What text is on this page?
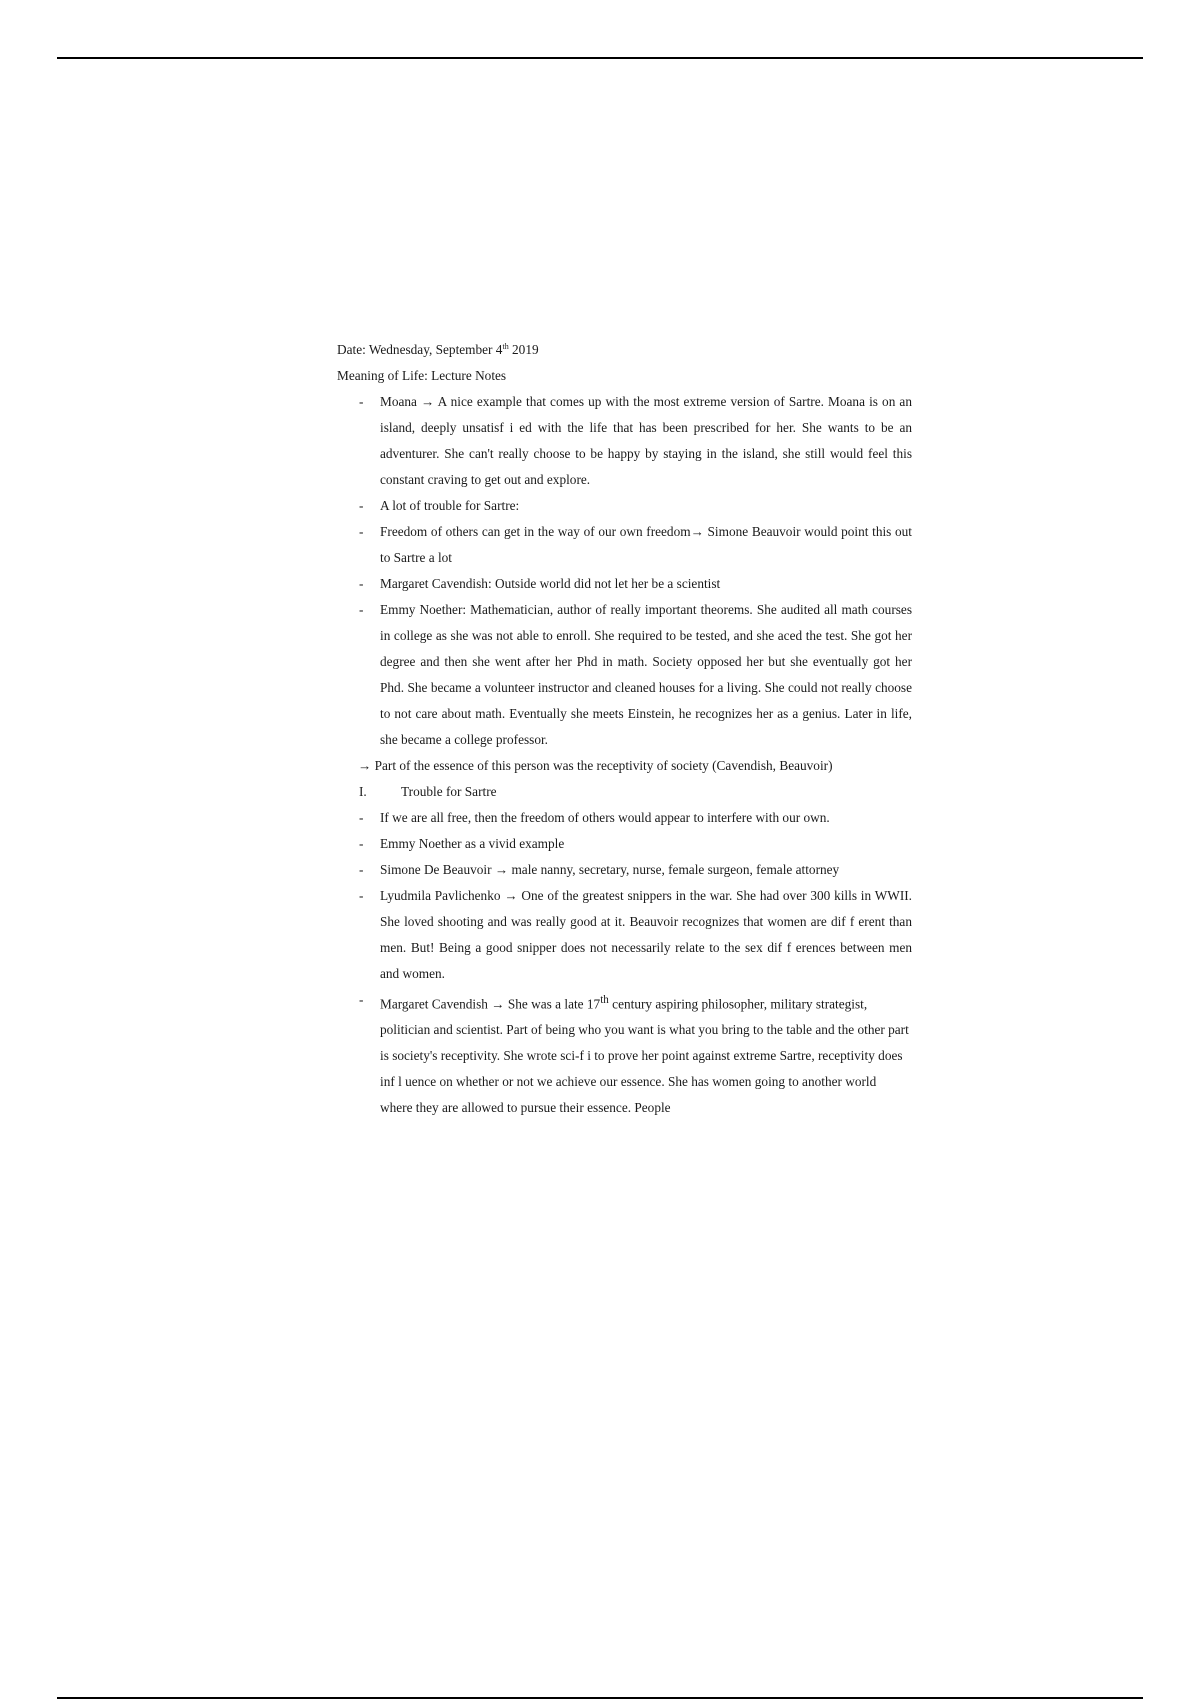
Date: Wednesday, September 4th 2019

Meaning of Life: Lecture Notes

- Moana → A nice example that comes up with the most extreme version of Sartre. Moana is on an island, deeply unsatisf i ed with the life that has been prescribed for her. She wants to be an adventurer. She can't really choose to be happy by staying in the island, she still would feel this constant craving to get out and explore.

- A lot of trouble for Sartre:

- Freedom of others can get in the way of our own freedom→ Simone Beauvoir would point this out to Sartre a lot

- Margaret Cavendish: Outside world did not let her be a scientist

- Emmy Noether: Mathematician, author of really important theorems. She audited all math courses in college as she was not able to enroll. She required to be tested, and she aced the test. She got her degree and then she went after her Phd in math. Society opposed her but she eventually got her Phd. She became a volunteer instructor and cleaned houses for a living. She could not really choose to not care about math. Eventually she meets Einstein, he recognizes her as a genius. Later in life, she became a college professor.

→ Part of the essence of this person was the receptivity of society (Cavendish, Beauvoir)

I.	Trouble for Sartre

- If we are all free, then the freedom of others would appear to interfere with our own.

- Emmy Noether as a vivid example

- Simone De Beauvoir → male nanny, secretary, nurse, female surgeon, female attorney

- Lyudmila Pavlichenko → One of the greatest snippers in the war. She had over 300 kills in WWII. She loved shooting and was really good at it. Beauvoir recognizes that women are dif f erent than men. But! Being a good snipper does not necessarily relate to the sex dif f erences between men and women.

- Margaret Cavendish → She was a late 17th century aspiring philosopher, military strategist, politician and scientist. Part of being who you want is what you bring to the table and the other part is society's receptivity. She wrote sci-f i to prove her point against extreme Sartre, receptivity does inf l uence on whether or not we achieve our essence. She has women going to another world where they are allowed to pursue their essence. People
